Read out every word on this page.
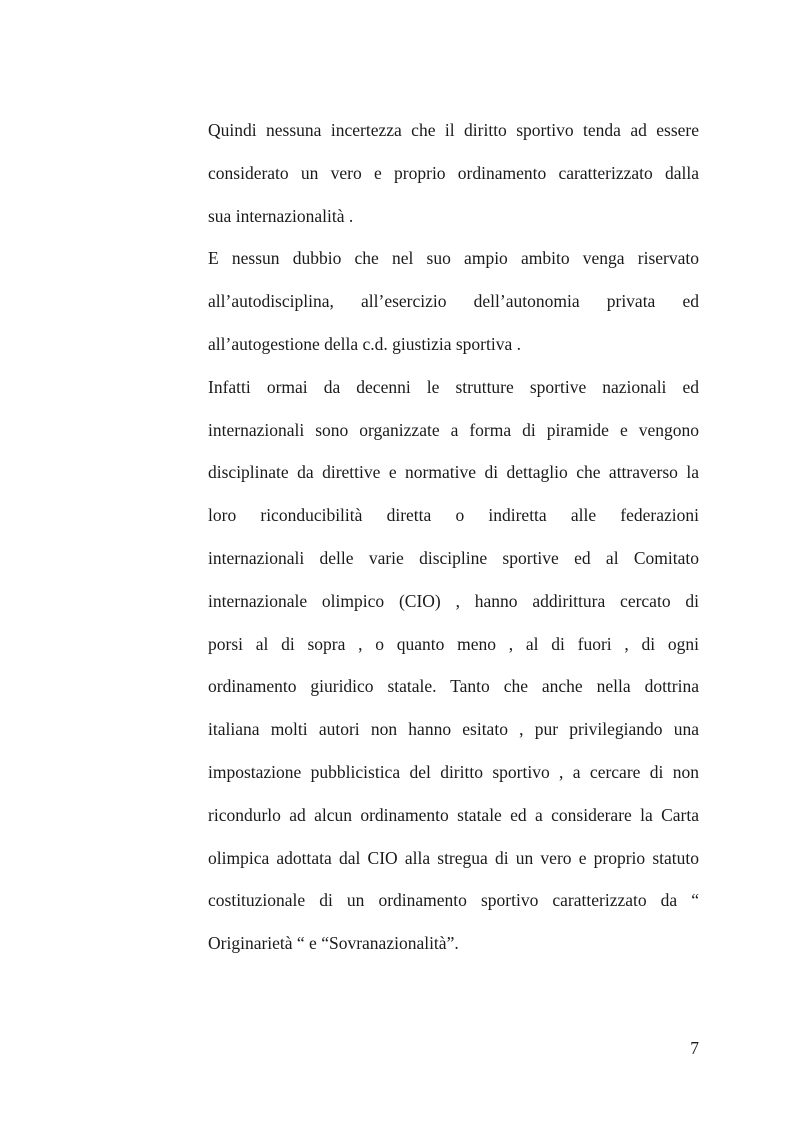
Quindi nessuna incertezza che il diritto sportivo tenda ad essere
considerato un vero e proprio ordinamento caratterizzato dalla
sua internazionalità .
E nessun dubbio che nel suo ampio ambito venga riservato
all’autodisciplina, all’esercizio dell’autonomia privata ed
all’autogestione della c.d. giustizia sportiva .
Infatti ormai da decenni le strutture sportive nazionali ed
internazionali sono organizzate a forma di piramide e vengono
disciplinate da direttive e normative di dettaglio che attraverso la
loro riconducibilità diretta o indiretta alle federazioni
internazionali delle varie discipline sportive ed al Comitato
internazionale olimpico (CIO) , hanno addirittura cercato di
porsi al di sopra , o quanto meno , al di fuori , di ogni
ordinamento giuridico statale. Tanto che anche nella dottrina
italiana molti autori non hanno esitato , pur privilegiando una
impostazione pubblicistica del diritto sportivo , a cercare di non
ricondurlo ad alcun ordinamento statale ed a considerare la Carta
olimpica adottata dal CIO alla stregua di un vero e proprio statuto
costituzionale di un ordinamento sportivo caratterizzato da “
Originarietà “ e “Sovranazionalità”.
7
